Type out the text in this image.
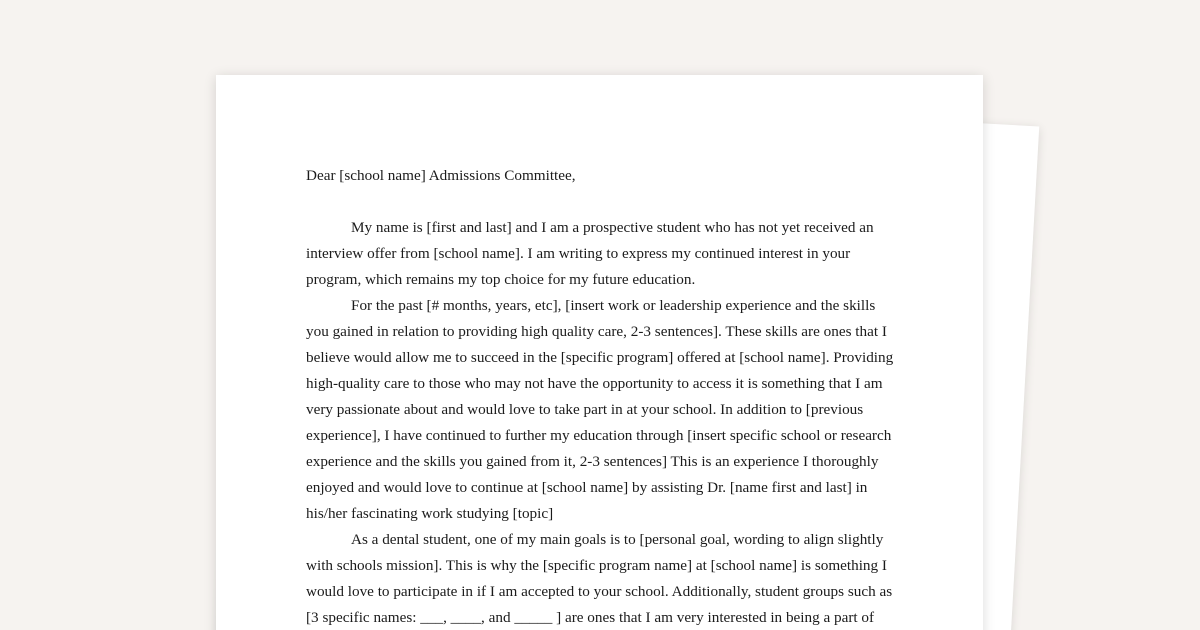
Dear [school name] Admissions Committee,

My name is [first and last] and I am a prospective student who has not yet received an
interview offer from [school name]. I am writing to express my continued interest in your
program, which remains my top choice for my future education.

For the past [# months, years, etc], [insert work or leadership experience and the skills
you gained in relation to providing high quality care, 2-3 sentences]. These skills are ones that I
believe would allow me to succeed in the [specific program] offered at [school name]. Providing
high-quality care to those who may not have the opportunity to access it is something that I am
very passionate about and would love to take part in at your school. In addition to [previous
experience], I have continued to further my education through [insert specific school or research
experience and the skills you gained from it, 2-3 sentences] This is an experience I thoroughly
enjoyed and would love to continue at [school name] by assisting Dr. [name first and last] in
his/her fascinating work studying [topic]

As a dental student, one of my main goals is to [personal goal, wording to align slightly
with schools mission]. This is why the [specific program name] at [school name] is something I
would love to participate in if I am accepted to your school. Additionally, student groups such as
[3 specific names: ___, ____, and _____ ] are ones that I am very interested in being a part of
